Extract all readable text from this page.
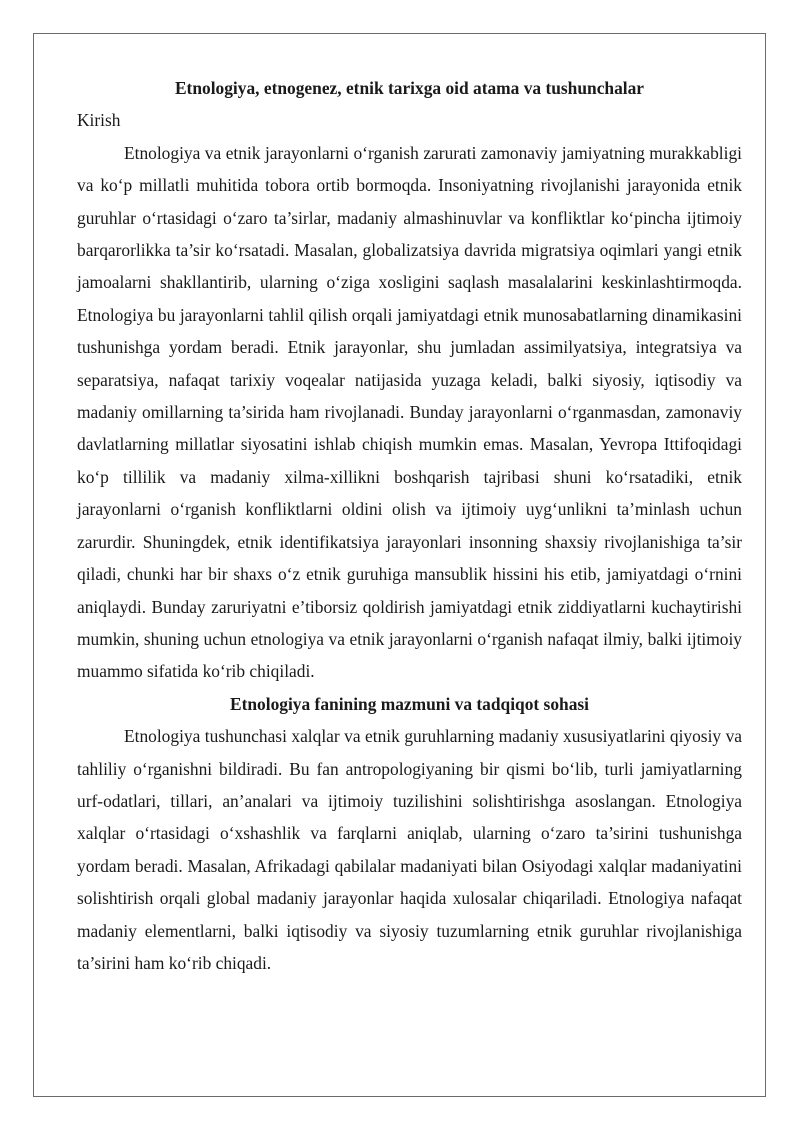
Etnologiya, etnogenez, etnik tarixga oid atama va tushunchalar

Kirish

Etnologiya va etnik jarayonlarni o‘rganish zarurati zamonaviy jamiyatning murakkabligi va ko‘p millatli muhitida tobora ortib bormoqda. Insoniyatning rivojlanishi jarayonida etnik guruhlar o‘rtasidagi o‘zaro ta’sirlar, madaniy almashinuvlar va konfliktlar ko‘pincha ijtimoiy barqarorlikka ta’sir ko‘rsatadi. Masalan, globalizatsiya davrida migratsiya oqimlari yangi etnik jamoalarni shakllantirib, ularning o‘ziga xosligini saqlash masalalarini keskinlashtirmoqda. Etnologiya bu jarayonlarni tahlil qilish orqali jamiyatdagi etnik munosabatlarning dinamikasini tushunishga yordam beradi. Etnik jarayonlar, shu jumladan assimilyatsiya, integratsiya va separatsiya, nafaqat tarixiy voqealar natijasida yuzaga keladi, balki siyosiy, iqtisodiy va madaniy omillarning ta’sirida ham rivojlanadi. Bunday jarayonlarni o‘rganmasdan, zamonaviy davlatlarning millatlar siyosatini ishlab chiqish mumkin emas. Masalan, Yevropa Ittifoqidagi ko‘p tillilik va madaniy xilma-xillikni boshqarish tajribasi shuni ko‘rsatadiki, etnik jarayonlarni o‘rganish konfliktlarni oldini olish va ijtimoiy uyg‘unlikni ta’minlash uchun zarurdir. Shuningdek, etnik identifikatsiya jarayonlari insonning shaxsiy rivojlanishiga ta’sir qiladi, chunki har bir shaxs o‘z etnik guruhiga mansublik hissini his etib, jamiyatdagi o‘rnini aniqlaydi. Bunday zaruriyatni e’tiborsiz qoldirish jamiyatdagi etnik ziddiyatlarni kuchaytirishi mumkin, shuning uchun etnologiya va etnik jarayonlarni o‘rganish nafaqat ilmiy, balki ijtimoiy muammo sifatida ko‘rib chiqiladi.

Etnologiya fanining mazmuni va tadqiqot sohasi

Etnologiya tushunchasi xalqlar va etnik guruhlarning madaniy xususiyatlarini qiyosiy va tahliliy o‘rganishni bildiradi. Bu fan antropologiyaning bir qismi bo‘lib, turli jamiyatlarning urf-odatlari, tillari, an’analari va ijtimoiy tuzilishini solishtirishga asoslangan. Etnologiya xalqlar o‘rtasidagi o‘xshashlik va farqlarni aniqlab, ularning o‘zaro ta’sirini tushunishga yordam beradi. Masalan, Afrikadagi qabilalar madaniyati bilan Osiyodagi xalqlar madaniyatini solishtirish orqali global madaniy jarayonlar haqida xulosalar chiqariladi. Etnologiya nafaqat madaniy elementlarni, balki iqtisodiy va siyosiy tuzumlarning etnik guruhlar rivojlanishiga ta’sirini ham ko‘rib chiqadi.
